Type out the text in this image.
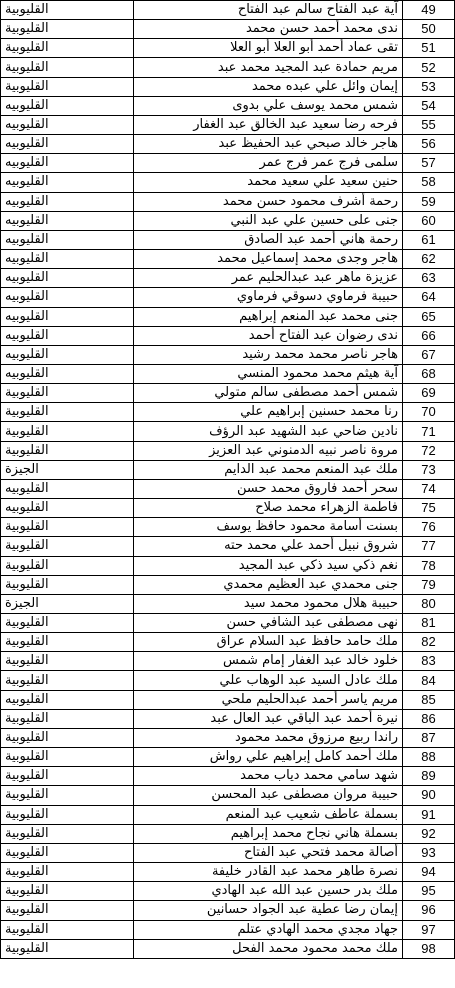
القليوبية	آية عبد الفتاح سالم عبد الفتاح	49
القليوبية	ندى محمد أحمد حسن محمد	50
القليوبية	تقى عماد أحمد أبو العلا أبو العلا	51
القليوبية	مريم حمادة عبد المجيد محمد عبد	52
القليوبية	إيمان وائل علي عبده محمد	53
القليوبيه	شمس محمد يوسف علي بدوى	54
القليوبيه	فرحه رضا سعيد عبد الخالق عبد الغفار	55
القليوبيه	هاجر خالد صبحي عبد الحفيظ عبد	56
القليوبيه	سلمى فرج عمر فرج عمر	57
القليوبيه	حنين سعيد علي سعيد محمد	58
القليوبيه	رحمة أشرف محمود حسن محمد	59
القليوبيه	جنى على حسين علي عبد النبي	60
القليوبيه	رحمة هاني أحمد عبد الصادق	61
القليوبيه	هاجر وجدى محمد إسماعيل محمد	62
القليوبيه	عزيزة ماهر عبد عبدالحليم عمر	63
القليوبيه	حبيبة فرماوي دسوقي فرماوي	64
القليوبيه	جنى محمد عبد المنعم إبراهيم	65
القليوبيه	ندى رضوان عبد الفتاح أحمد	66
القليوبيه	هاجر ناصر محمد محمد رشيد	67
القليوبيه	آية هيثم محمد محمود المنسي	68
القليوبية	شمس أحمد مصطفى سالم متولي	69
القليوبية	رنا محمد حسنين إبراهيم علي	70
القليوبية	نادين ضاحي عبد الشهيد عبد الرؤف	71
القليوبية	مروة ناصر نبيه الدمنوني عبد العزيز	72
الجيزة	ملك عبد المنعم محمد عبد الدايم	73
القليوبيه	سحر أحمد فاروق محمد حسن	74
القليوبيه	فاطمة الزهراء محمد صلاح	75
القليوبية	بسنت أسامة محمود حافظ يوسف	76
القليوبية	شروق نبيل أحمد علي محمد حته	77
القليوبية	نغم ذكي سيد ذكي عبد المجيد	78
القليوبية	جنى محمدي عبد العظيم محمدي	79
الجيزة	حبيبة هلال محمود محمد سيد	80
القليوبية	نهى مصطفى عبد الشافي حسن	81
القليوبية	ملك حامد حافظ عبد السلام عراق	82
القليوبية	خلود خالد عبد الغفار إمام شمس	83
القليوبية	ملك عادل السيد عبد الوهاب علي	84
القليوبيه	مريم ياسر أحمد عبدالحليم ملحي	85
القليوبية	نيرة أحمد عبد الباقي عبد العال عبد	86
القليوبية	راندا ربيع مرزوق محمد محمود	87
القليوبية	ملك أحمد كامل إبراهيم علي رواش	88
القليوبية	شهد سامي محمد دياب محمد	89
القليوبية	حبيبة مروان مصطفى عبد المحسن	90
القليوبية	بسملة عاطف شعيب عبد المنعم	91
القليوبية	بسملة هاني نجاح محمد إبراهيم	92
القليوبية	أصالة محمد فتحي عبد الفتاح	93
القليوبية	نصرة طاهر محمد عبد القادر خليفة	94
القليوبية	ملك بدر حسين عبد الله عبد الهادي	95
القليوبية	إيمان رضا عطية عبد الجواد حسانين	96
القليوبية	جهاد مجدي محمد الهادي عتلم	97
القليوبية	ملك محمد محمود محمد الفحل	98
